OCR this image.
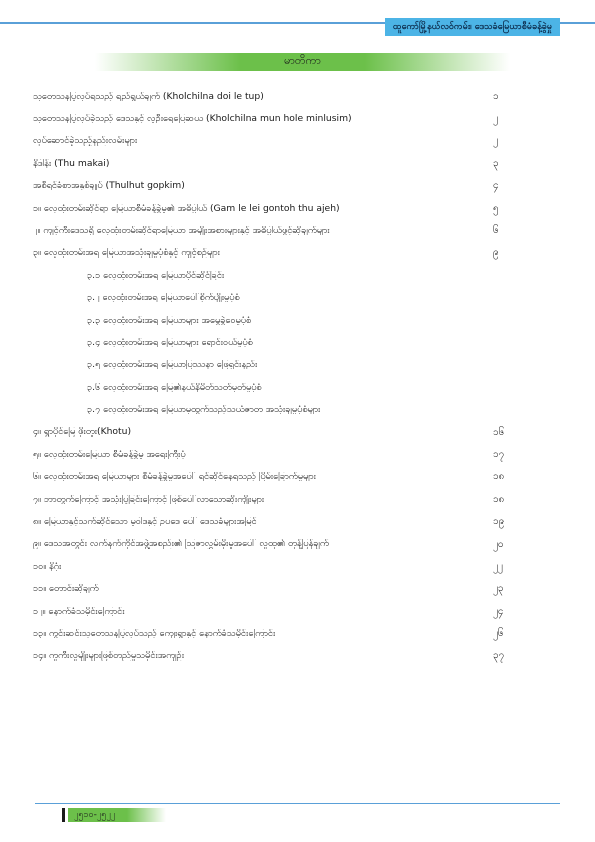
ထူကော်မြို့နယ်လဝ်ကမ်း၊ ဒေသခံမြေယာစီမံခန့်ခွဲမှု
မာတိကာ
သုတေသနပြုလုပ်ရသည့် ရည်ရွယ်ချက် (Kholchilna doi le tup)	၁
သုတေသနပြုလုပ်ခဲ့သည့် ဒေသနှင့် လူဦးရေပြေဆယ (Kholchilna mun hole minlusim)	၂
လုပ်ဆောင်ခဲ့သည့်နည်းလမ်းများ	၂
နိဒါန်း (Thu makai)	၃
အစီရင်ခံစာအနှစ်ချုပ် (Thulhut gopkim)	၄
၁။ လေ့ထုံးတမ်းဆိုင်ရာ မြေယာစီမံခန့်ခွဲမှု၏ အဓိပ္ပါယ် (Gam le lei gontoh thu ajeh)	၅
၂။ ကျင့်ကီးဒေသရှိ လေ့ထုံးတမ်းဆိုင်ရာမြေယာ အမျိုးအစားများနှင့် အဓိပ္ပါယ်ဖွင့်ဆိုချက်များ	၆
၃။ လေ့ထုံးတမ်းအရ မြေယာအသုံးချမှုပုံစံနှင့် ကျင့်စဉ်များ	၉
၃.၁ လေ့ထုံးတမ်းအရ မြေယာပိုင်ဆိုင်ခြင်း
၃.၂ လေ့ထုံးတမ်းအရ မြေယာပေါ်စိုက်ပျိုးမှုပုံစံ
၃.၃ လေ့ထုံးတမ်းအရ မြေယာများ အမွေခွဲဝေမှုပုံစံ
၃.၄ လေ့ထုံးတမ်းအရ မြေယာများ ရောင်းဝယ်မှုပုံစံ
၃.၅ လေ့ထုံးတမ်းအရ မြေယာပြဿနာ ဖြေရှင်းနည်း
၃.၆ လေ့ထုံးတမ်းအရ မြေ၏နယ်နိမိတ်သတ်မှတ်မှုပုံစံ
၃.၇ လေ့ထုံးတမ်းအရ မြေယာမှထွက်သည့်သယံဇာတ အသုံးချမှုပုံစံများ
၄။ ရွာပိုင်မြေ ဖိုးတူး(Khotu)	၁၆
၅။ လေ့ထုံးတမ်းမြေယာ စီမံခန့်ခွဲမှု အရေးကြီးပုံ	၁၇
၆။ လေ့ထုံးတမ်းအရ မြေယာများ စီမံခန့်ခွဲမှုအပေါ် ရင်ဆိုင်နေရသည့် ပြိမ်းခြောက်မှုများ	၁၈
၇။ ဘာတွက်ကြောင့် အသုံးပြုခြင်းကြောင့် ဖြစ်ပေါ်လာသောဆိုးကျိုးများ	၁၈
၈။ မြေယာနှင့်သက်ဆိုင်သော မူဝါဒနှင့် ဥပဒေ ပေါ် ဒေသခံများအမြင်	၁၉
၉။ ဒေသအတွင်း လက်နက်ကိုင်အဖွဲ့အစည်း၏ ဩဇာလွှမ်းမိုးမှုအပေါ် လူထု၏ တုန့်ပြန်ချက်	၂၀
၁၀။ နိဂုံး	၂၂
၁၁။ တောင်းဆိုချက်	၂၃
၁၂။ နောက်ခံသမိုင်းကြောင်း	၂၄
၁၃။ ကွင်းဆင်းသုတေသနပြုလုပ်သည့် ကျေးရွာနှင့် နောက်ခံသမိုင်းကြောင်း	၂၆
၁၄။ ကူကီးလူမျိုးများဖြစ်တည်မှုသမိုင်းအကျဉ်း	၃၇
၂၅၁၀-၂၅၂၂
